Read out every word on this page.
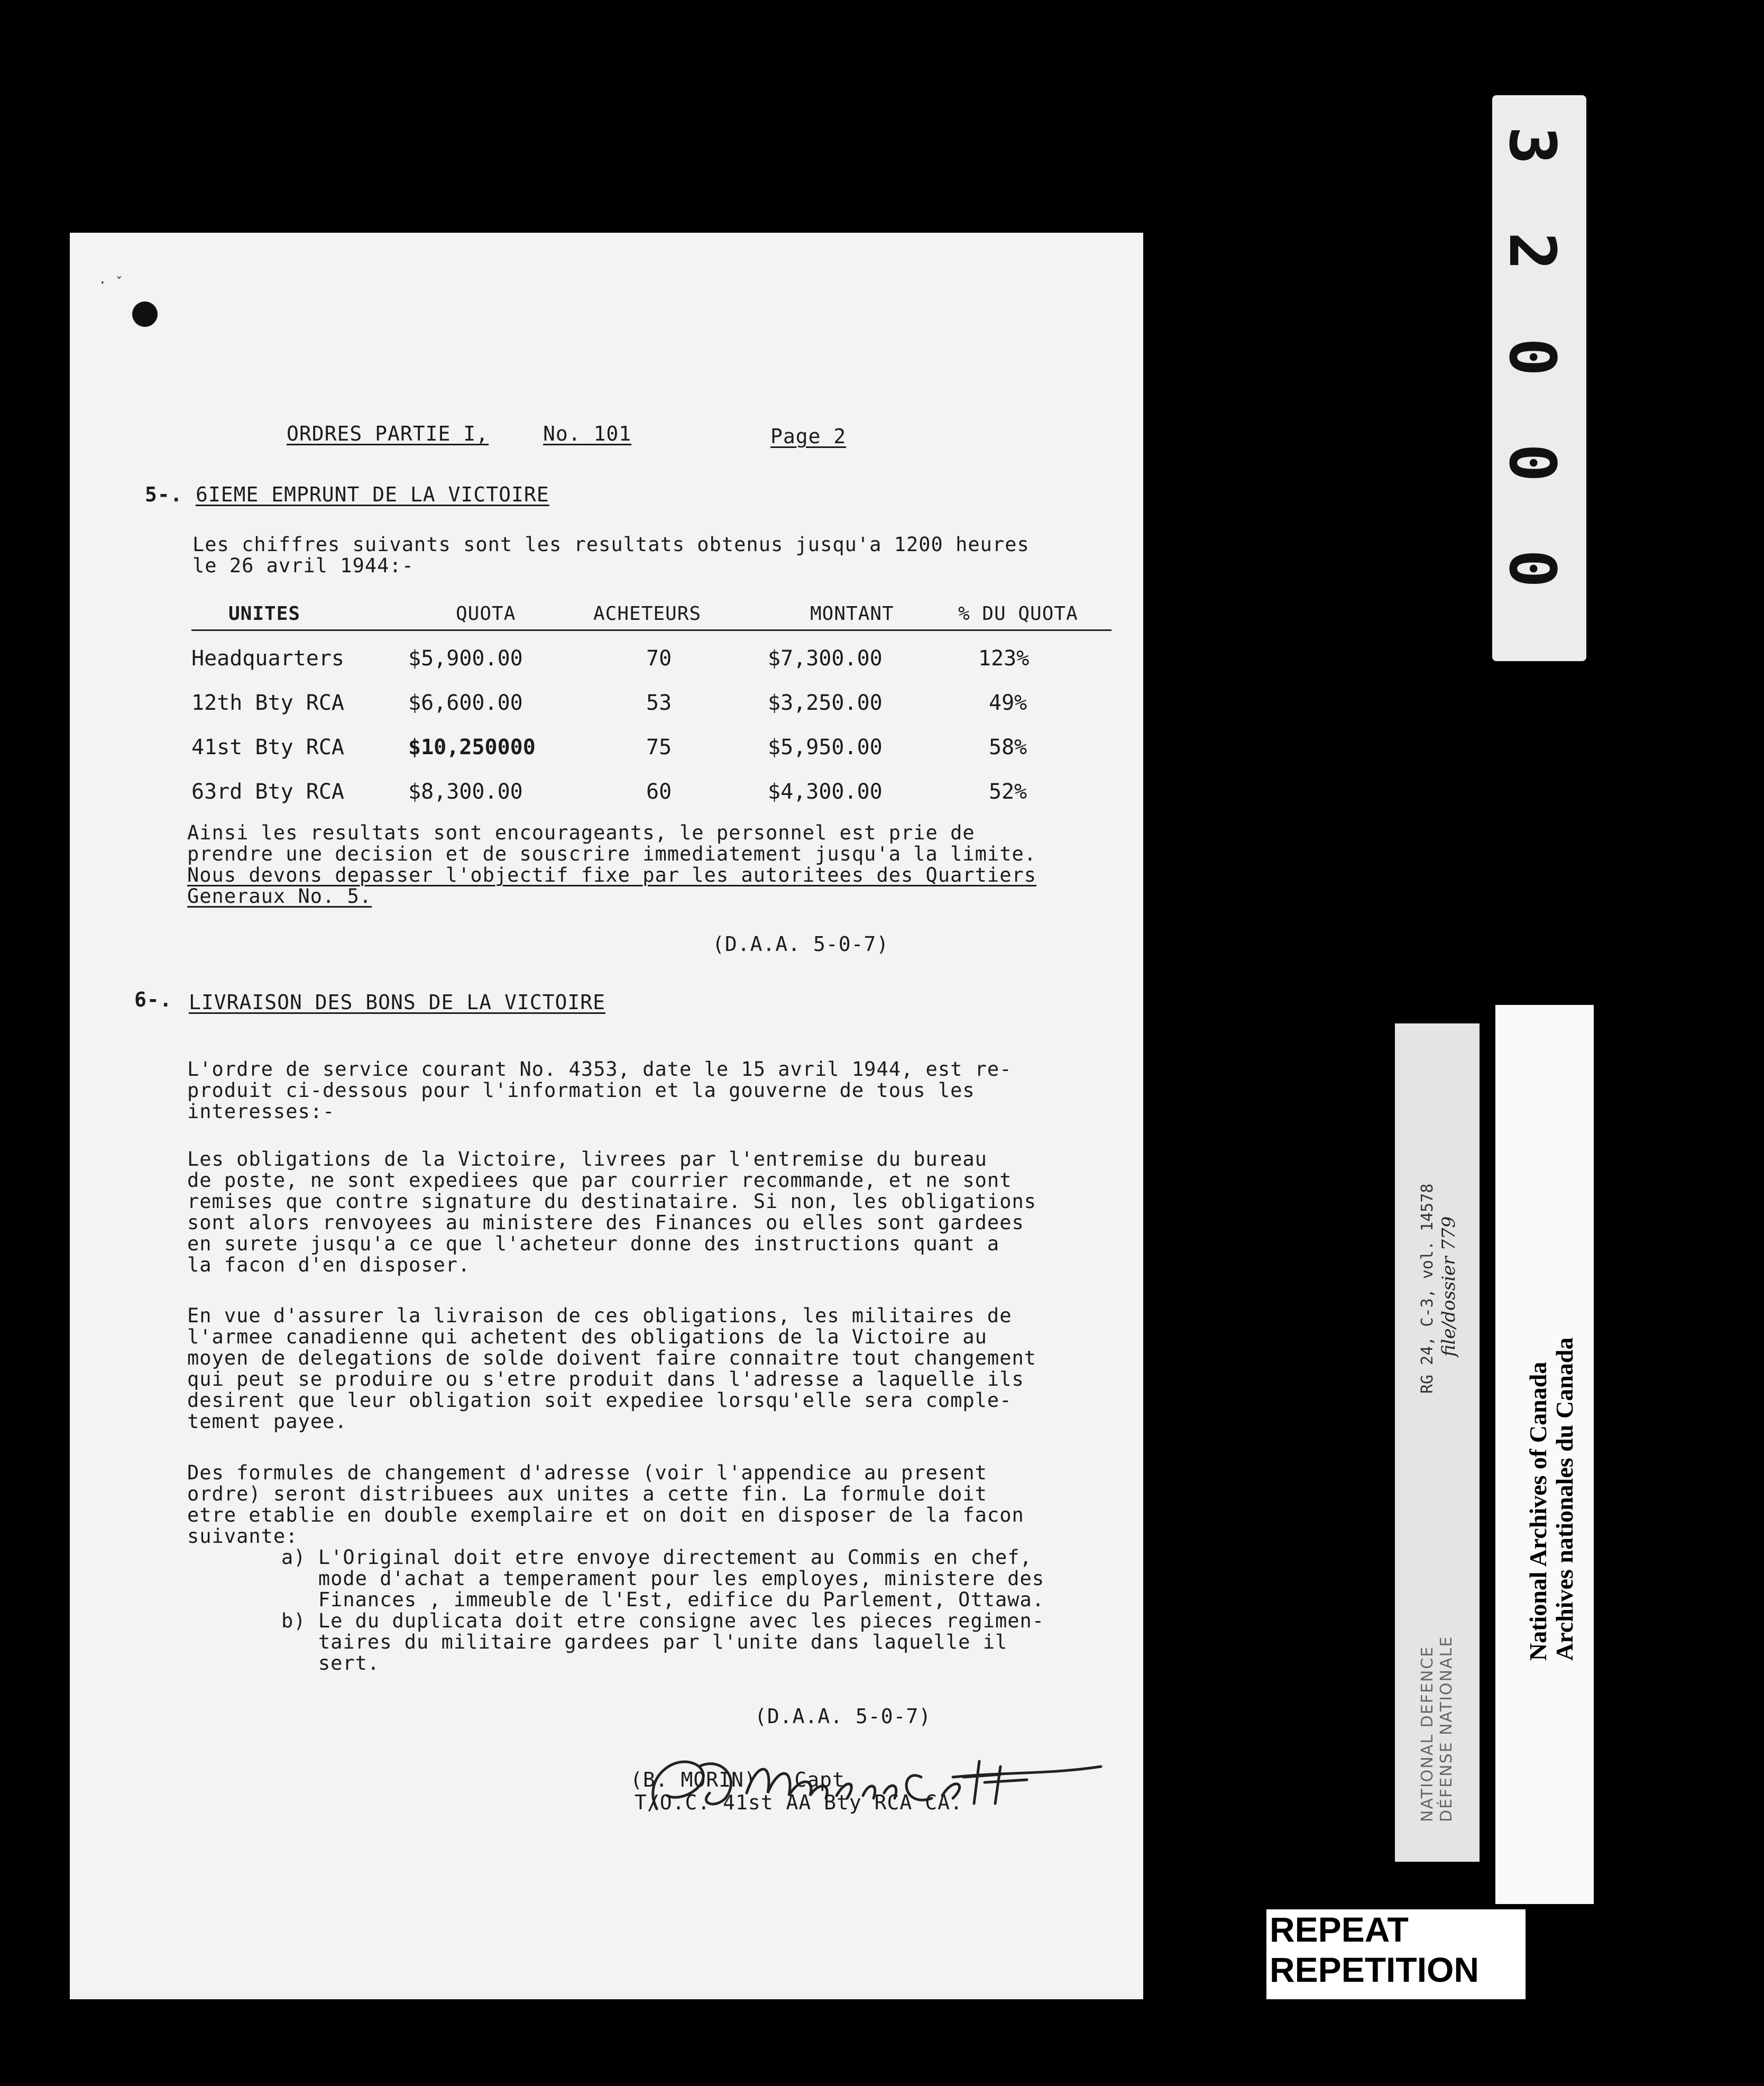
· ˇ
ORDRES PARTIE I,	No. 101	Page 2
5-. 6IEME EMPRUNT DE LA VICTOIRE
Les chiffres suivants sont les resultats obtenus jusqu'a 1200 heures
le 26 avril 1944:-
UNITES	QUOTA	ACHETEURS	MONTANT	% DU QUOTA
Headquarters	$5,900.00	70	$7,300.00	123%
12th Bty RCA	$6,600.00	53	$3,250.00	49%
41st Bty RCA	$10,250000	75	$5,950.00	58%
63rd Bty RCA	$8,300.00	60	$4,300.00	52%
Ainsi les resultats sont encourageants, le personnel est prie de
prendre une decision et de souscrire immediatement jusqu'a la limite.
Nous devons depasser l'objectif fixe par les autoritees des Quartiers
Generaux No. 5.
(D.A.A. 5-0-7)
6-. LIVRAISON DES BONS DE LA VICTOIRE
L'ordre de service courant No. 4353, date le 15 avril 1944, est re-
produit ci-dessous pour l'information et la gouverne de tous les
interesses:-
Les obligations de la Victoire, livrees par l'entremise du bureau
de poste, ne sont expediees que par courrier recommande, et ne sont
remises que contre signature du destinataire. Si non, les obligations
sont alors renvoyees au ministere des Finances ou elles sont gardees
en surete jusqu'a ce que l'acheteur donne des instructions quant a
la facon d'en disposer.
En vue d'assurer la livraison de ces obligations, les militaires de
l'armee canadienne qui achetent des obligations de la Victoire au
moyen de delegations de solde doivent faire connaitre tout changement
qui peut se produire ou s'etre produit dans l'adresse a laquelle ils
desirent que leur obligation soit expediee lorsqu'elle sera comple-
tement payee.
Des formules de changement d'adresse (voir l'appendice au present
ordre) seront distribuees aux unites a cette fin. La formule doit
etre etablie en double exemplaire et on doit en disposer de la facon
suivante:
a) L'Original doit etre envoye directement au Commis en chef,
mode d'achat a temperament pour les employes, ministere des
Finances , immeuble de l'Est, edifice du Parlement, Ottawa.
b) Le du duplicata doit etre consigne avec les pieces regimen-
taires du militaire gardees par l'unite dans laquelle il
sert.
(D.A.A. 5-0-7)
(B. MORIN)   Capt.
T/O.C. 41st AA Bty RCA CA.
3
2
0
0
0
RG 24, C-3, vol. 14578 file/dossier 779
NATIONAL DEFENCE DÉFENSE NATIONALE
National Archives of Canada Archives nationales du Canada
REPEAT
REPETITION
